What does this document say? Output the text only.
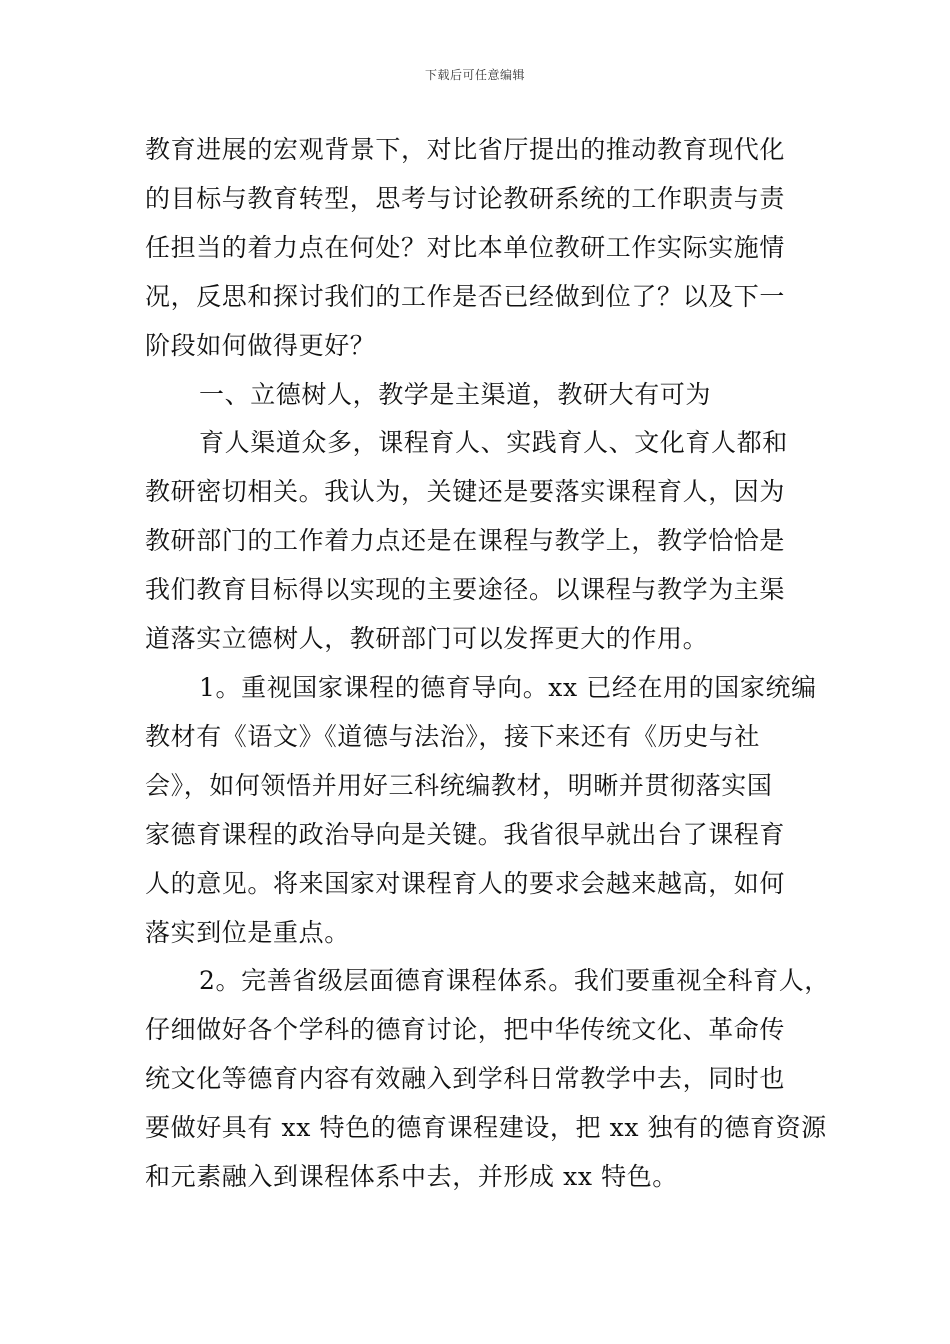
下载后可任意编辑

教育进展的宏观背景下，对比省厅提出的推动教育现代化
的目标与教育转型，思考与讨论教研系统的工作职责与责
任担当的着力点在何处？对比本单位教研工作实际实施情
况，反思和探讨我们的工作是否已经做到位了？以及下一
阶段如何做得更好？

一、立德树人，教学是主渠道，教研大有可为

育人渠道众多，课程育人、实践育人、文化育人都和
教研密切相关。我认为，关键还是要落实课程育人，因为
教研部门的工作着力点还是在课程与教学上，教学恰恰是
我们教育目标得以实现的主要途径。以课程与教学为主渠
道落实立德树人，教研部门可以发挥更大的作用。

1。重视国家课程的德育导向。xx 已经在用的国家统编
教材有《语文》《道德与法治》，接下来还有《历史与社
会》，如何领悟并用好三科统编教材，明晰并贯彻落实国
家德育课程的政治导向是关键。我省很早就出台了课程育
人的意见。将来国家对课程育人的要求会越来越高，如何
落实到位是重点。

2。完善省级层面德育课程体系。我们要重视全科育人，
仔细做好各个学科的德育讨论，把中华传统文化、革命传
统文化等德育内容有效融入到学科日常教学中去，同时也
要做好具有 xx 特色的德育课程建设，把 xx 独有的德育资源
和元素融入到课程体系中去，并形成 xx 特色。
